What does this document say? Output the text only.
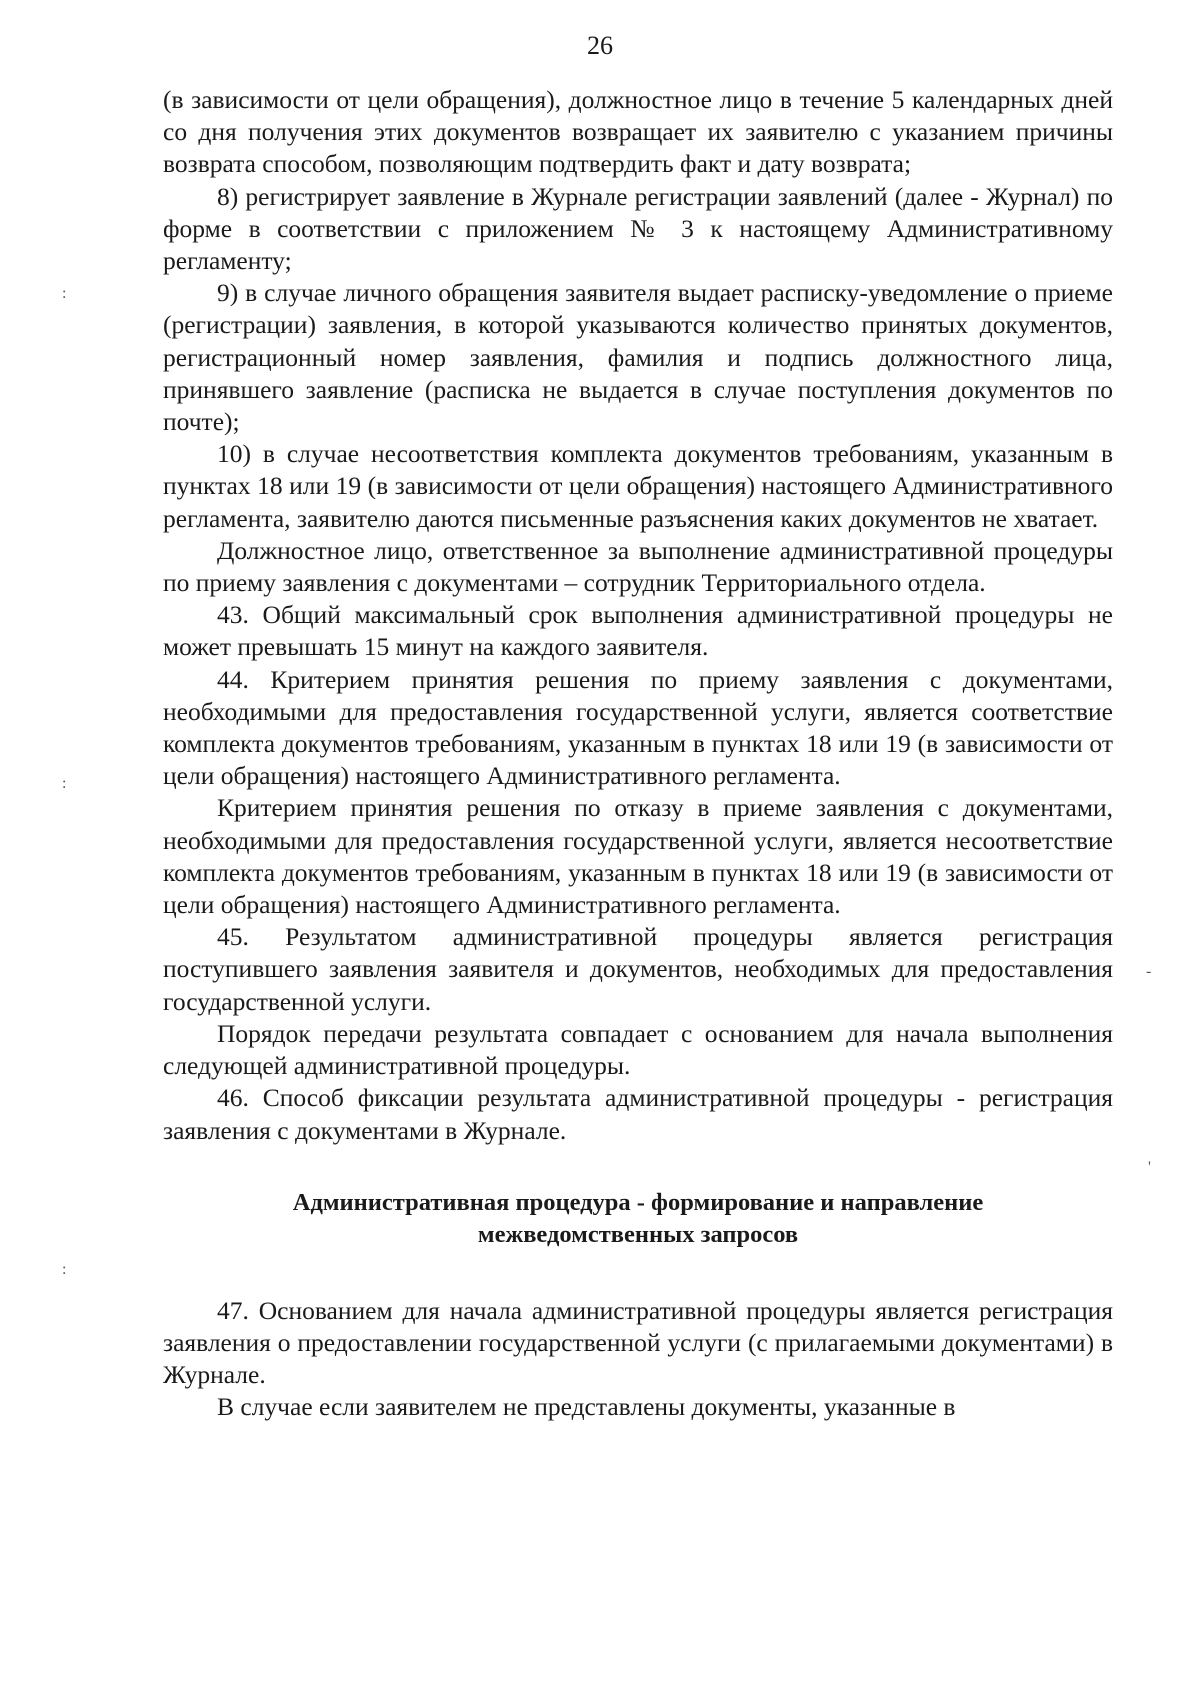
26
:
:
:
-
'

(в зависимости от цели обращения), должностное лицо в течение 5 календарных дней со дня получения этих документов возвращает их заявителю с указанием причины возврата способом, позволяющим подтвердить факт и дату возврата;

8) регистрирует заявление в Журнале регистрации заявлений (далее - Журнал) по форме в соответствии с приложением № 3 к настоящему Административному регламенту;

9) в случае личного обращения заявителя выдает расписку-уведомление о приеме (регистрации) заявления, в которой указываются количество принятых документов, регистрационный номер заявления, фамилия и подпись должностного лица, принявшего заявление (расписка не выдается в случае поступления документов по почте);

10) в случае несоответствия комплекта документов требованиям, указанным в пунктах 18 или 19 (в зависимости от цели обращения) настоящего Административного регламента, заявителю даются письменные разъяснения каких документов не хватает.

Должностное лицо, ответственное за выполнение административной процедуры по приему заявления с документами – сотрудник Территориального отдела.

43. Общий максимальный срок выполнения административной процедуры не может превышать 15 минут на каждого заявителя.

44. Критерием принятия решения по приему заявления с документами, необходимыми для предоставления государственной услуги, является соответствие комплекта документов требованиям, указанным в пунктах 18 или 19 (в зависимости от цели обращения) настоящего Административного регламента.

Критерием принятия решения по отказу в приеме заявления с документами, необходимыми для предоставления государственной услуги, является несоответствие комплекта документов требованиям, указанным в пунктах 18 или 19 (в зависимости от цели обращения) настоящего Административного регламента.

45. Результатом административной процедуры является регистрация поступившего заявления заявителя и документов, необходимых для предоставления государственной услуги.

Порядок передачи результата совпадает с основанием для начала выполнения следующей административной процедуры.

46. Способ фиксации результата административной процедуры - регистрация заявления с документами в Журнале.

Административная процедура - формирование и направление
межведомственных запросов

47. Основанием для начала административной процедуры является регистрация заявления о предоставлении государственной услуги (с прилагаемыми документами) в Журнале.

В случае если заявителем не представлены документы, указанные в
